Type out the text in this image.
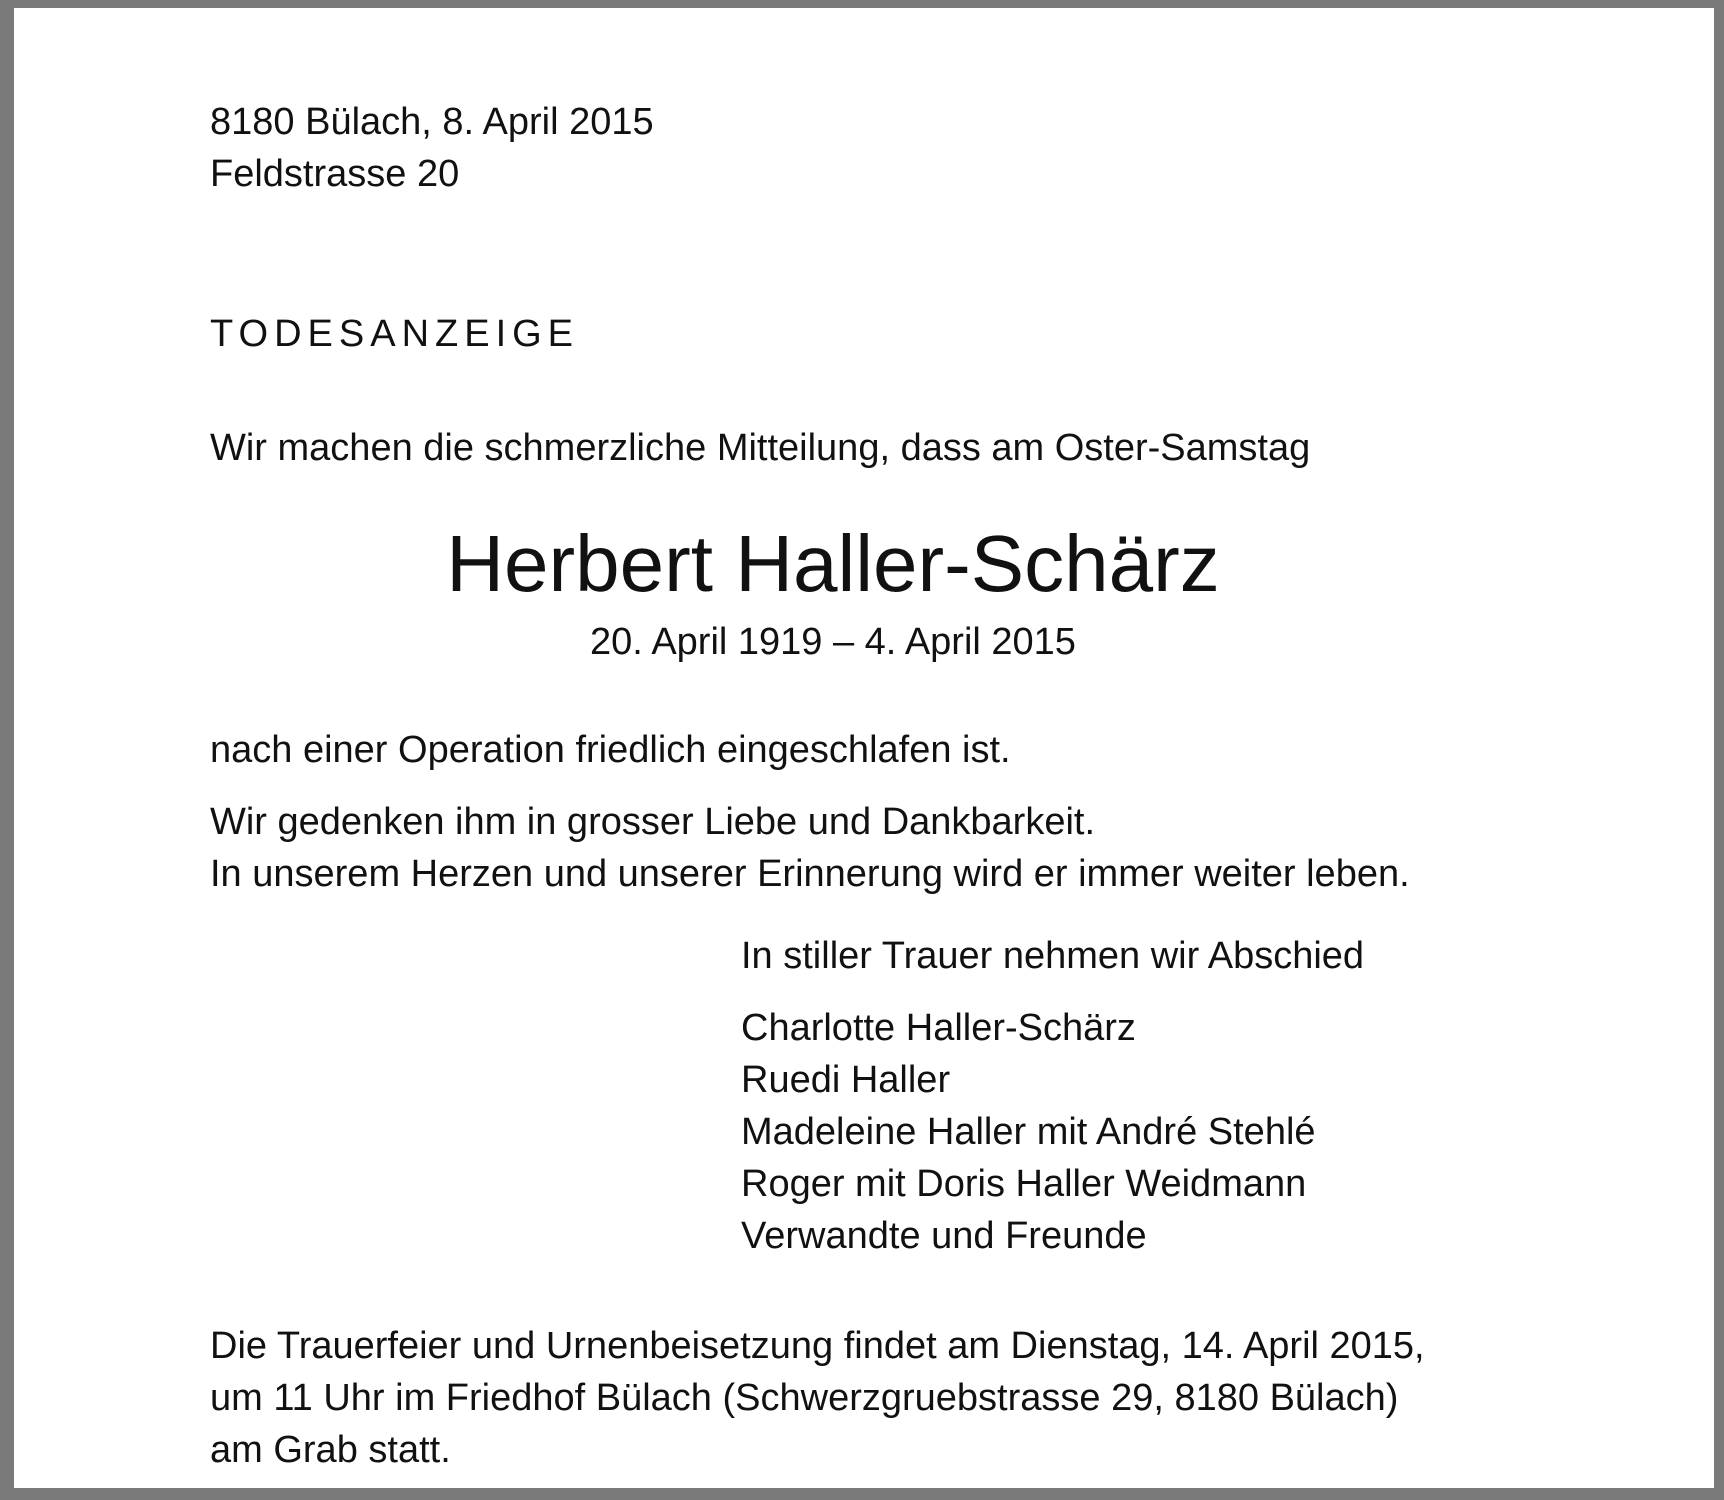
8180 Bülach, 8. April 2015

Feldstrasse 20

TODESANZEIGE

Wir machen die schmerzliche Mitteilung, dass am Oster-Samstag

Herbert Haller-Schärz

20. April 1919 – 4. April 2015

nach einer Operation friedlich eingeschlafen ist.

Wir gedenken ihm in grosser Liebe und Dankbarkeit.

In unserem Herzen und unserer Erinnerung wird er immer weiter leben.

In stiller Trauer nehmen wir Abschied

Charlotte Haller-Schärz

Ruedi Haller

Madeleine Haller mit André Stehlé

Roger mit Doris Haller Weidmann

Verwandte und Freunde

Die Trauerfeier und Urnenbeisetzung findet am Dienstag, 14. April 2015,

um 11 Uhr im Friedhof Bülach (Schwerzgruebstrasse 29, 8180 Bülach)

am Grab statt.
